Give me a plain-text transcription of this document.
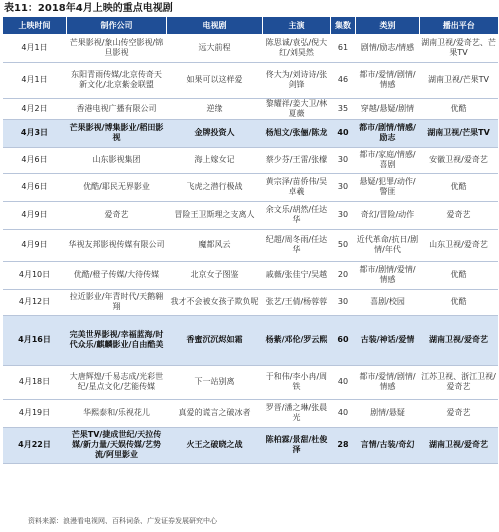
表11：2018年4月上映的重点电视剧
上映时间	制作公司	电视剧	主演	集数	类别	播出平台
4月1日	芒果影视/象山传空影视/锦旦影视	远大前程	陈思诚/袁弘/倪大红/刘昊然	61	剧情/励志/情感	湖南卫视/爱奇艺、芒果TV
4月1日	东阳青雨传媒/北京传奇天新文化/北京紫金联盟	如果可以这样爱	佟大为/刘诗诗/张剑锋	46	都市/爱情/剧情/情感	湖南卫视/芒果TV
4月2日	香港电视广播有限公司	逆缘	黎耀祥/姜大卫/林夏薇	35	穿越/悬疑/剧情	优酷
4月3日	芒果影视/博集影业/稻田影视	金牌投资人	杨旭文/张俪/陈龙	40	都市/剧情/情感/励志	湖南卫视/芒果TV
4月6日	山东影视集团	海上嫁女记	蔡少芬/王雷/张檬	30	都市/家庭/情感/喜剧	安徽卫视/爱奇艺
4月6日	优酷/耶民无界影业	飞虎之潜行极战	黄宗泽/苗侨伟/吴卓羲	30	悬疑/犯罪/动作/警匪	优酷
4月9日	爱奇艺	冒险王卫斯理之支离人	余文乐/胡然/任达华	30	奇幻/冒险/动作	爱奇艺
4月9日	华视友邦影视传媒有限公司	魔都风云	纪超/周冬雨/任达华	50	近代革命/抗日/剧情/年代	山东卫视/爱奇艺
4月10日	优酷/橙子传媒/大待传媒	北京女子图鉴	戚薇/张佳宁/吴越	20	都市/剧情/爱情/情感	优酷
4月12日	拉近影业/年青时代/天鹅翱翔	我才不会被女孩子欺负呢	张艺/王倩/杨蓉蓉	30	喜剧/校园	优酷
4月16日	完美世界影视/幸福蓝海/时代众乐/麒麟影业/自由酷美	香蜜沉沉烬如霜	杨紫/邓伦/罗云熙	60	古装/神话/爱情	湖南卫视/爱奇艺
4月18日	大唐辉煌/千易志成/光彩世纪/星点文化/艺能传媒	下一站别离	于和伟/李小冉/周铁	40	都市/爱情/剧情/情感	江苏卫视、浙江卫视/爱奇艺
4月19日	华熙泰和/乐视花儿	真爱的谎言之破冰者	罗晋/潘之琳/张晨光	40	剧情/悬疑	爱奇艺
4月22日	芒果TV/捷成世纪/天拉传媒/新力量/天娱传媒/艺势流/阿里影业	火王之破晓之战	陈柏霖/景甜/杜俊泽	28	言情/古装/奇幻	湖南卫视/爱奇艺
资料来源：浪漫看电视网、百科词条、广发证券发展研究中心
